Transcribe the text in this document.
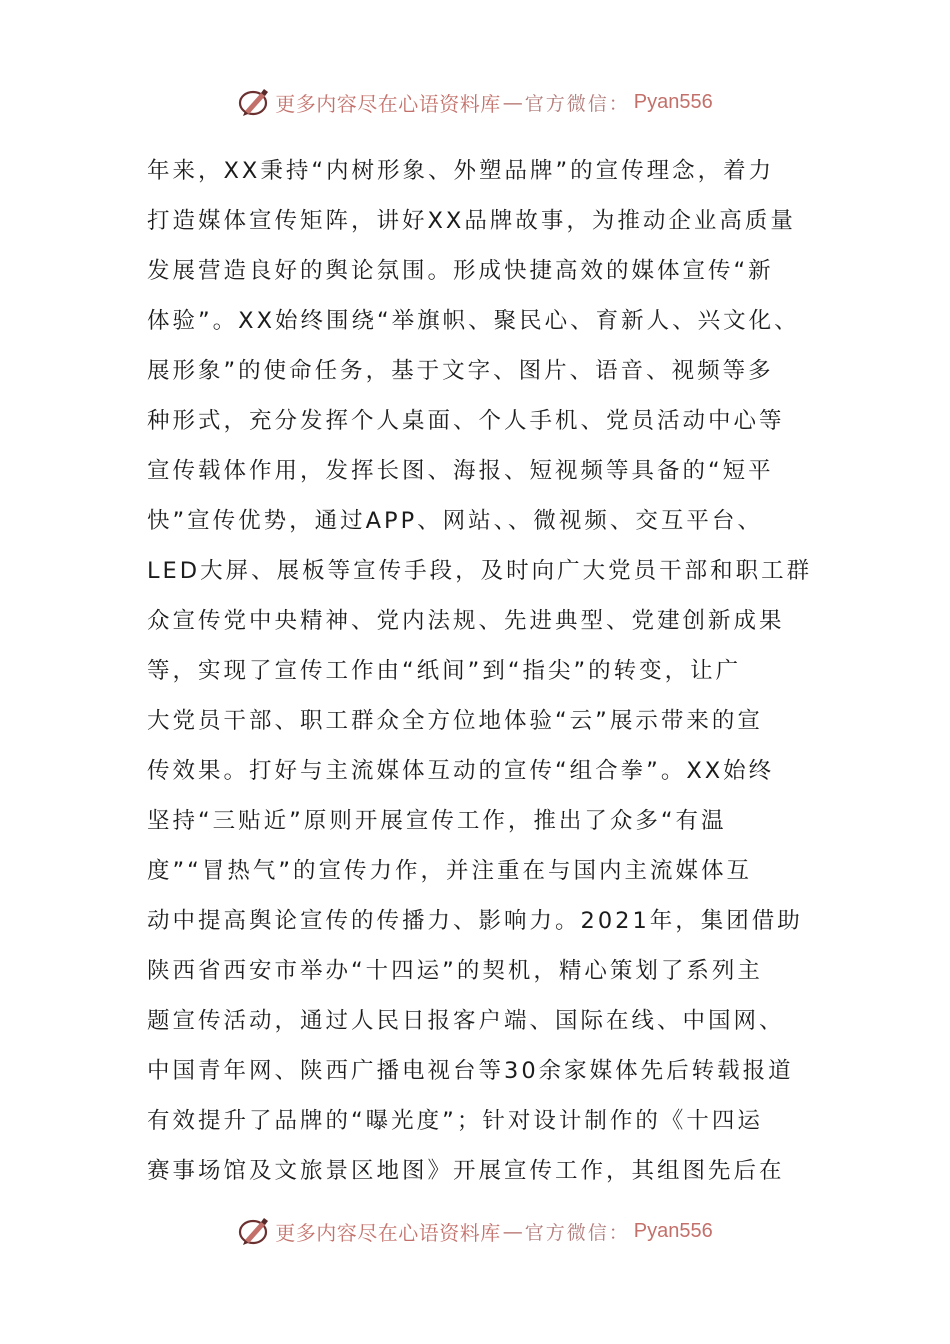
更多内容尽在心语资料库 — 官方微信： Pyan556
年来，XX秉持“内树形象、外塑品牌”的宣传理念，着力
打造媒体宣传矩阵，讲好XX品牌故事，为推动企业高质量
发展营造良好的舆论氛围。形成快捷高效的媒体宣传“新
体验”。XX始终围绕“举旗帜、聚民心、育新人、兴文化、
展形象”的使命任务，基于文字、图片、语音、视频等多
种形式，充分发挥个人桌面、个人手机、党员活动中心等
宣传载体作用，发挥长图、海报、短视频等具备的“短平
快”宣传优势，通过APP、网站、、微视频、交互平台、
LED大屏、展板等宣传手段，及时向广大党员干部和职工群
众宣传党中央精神、党内法规、先进典型、党建创新成果
等，实现了宣传工作由“纸间”到“指尖”的转变，让广
大党员干部、职工群众全方位地体验“云”展示带来的宣
传效果。打好与主流媒体互动的宣传“组合拳”。XX始终
坚持“三贴近”原则开展宣传工作，推出了众多“有温
度”“冒热气”的宣传力作，并注重在与国内主流媒体互
动中提高舆论宣传的传播力、影响力。2021年，集团借助
陕西省西安市举办“十四运”的契机，精心策划了系列主
题宣传活动，通过人民日报客户端、国际在线、中国网、
中国青年网、陕西广播电视台等30余家媒体先后转载报道
有效提升了品牌的“曝光度”；针对设计制作的《十四运
赛事场馆及文旅景区地图》开展宣传工作，其组图先后在
更多内容尽在心语资料库 — 官方微信： Pyan556
